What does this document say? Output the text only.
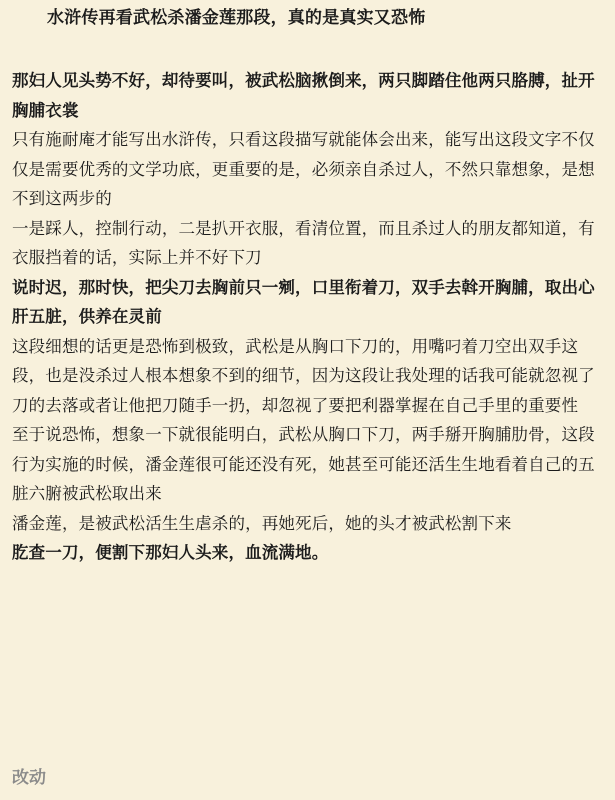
水浒传再看武松杀潘金莲那段，真的是真实又恐怖

那妇人见头势不好，却待要叫，被武松脑揪倒来，两只脚踏住他两只胳膊，扯开胸脯衣裳

只有施耐庵才能写出水浒传，只看这段描写就能体会出来，能写出这段文字不仅仅是需要优秀的文学功底，更重要的是，必须亲自杀过人，不然只靠想象，是想不到这两步的

一是踩人，控制行动，二是扒开衣服，看清位置，而且杀过人的朋友都知道，有衣服挡着的话，实际上并不好下刀

说时迟，那时快，把尖刀去胸前只一剜，口里衔着刀，双手去斡开胸脯，取出心肝五脏，供养在灵前

这段细想的话更是恐怖到极致，武松是从胸口下刀的，用嘴叼着刀空出双手这段，也是没杀过人根本想象不到的细节，因为这段让我处理的话我可能就忽视了刀的去落或者让他把刀随手一扔，却忽视了要把利器掌握在自己手里的重要性

至于说恐怖，想象一下就很能明白，武松从胸口下刀，两手掰开胸脯肋骨，这段行为实施的时候，潘金莲很可能还没有死，她甚至可能还活生生地看着自己的五脏六腑被武松取出来

潘金莲，是被武松活生生虐杀的，再她死后，她的头才被武松割下来

肐查一刀，便割下那妇人头来，血流满地。

改动
